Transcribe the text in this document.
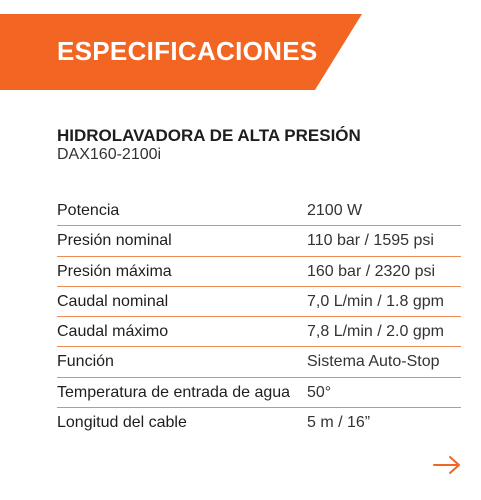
ESPECIFICACIONES
HIDROLAVADORA DE ALTA PRESIÓN
DAX160-2100i
Potencia	2100 W
Presión nominal	110 bar / 1595 psi
Presión máxima	160 bar / 2320 psi
Caudal nominal	7,0 L/min / 1.8 gpm
Caudal máximo	7,8 L/min / 2.0 gpm
Función	Sistema Auto-Stop
Temperatura de entrada de agua 50°
Longitud del cable	5 m / 16”
